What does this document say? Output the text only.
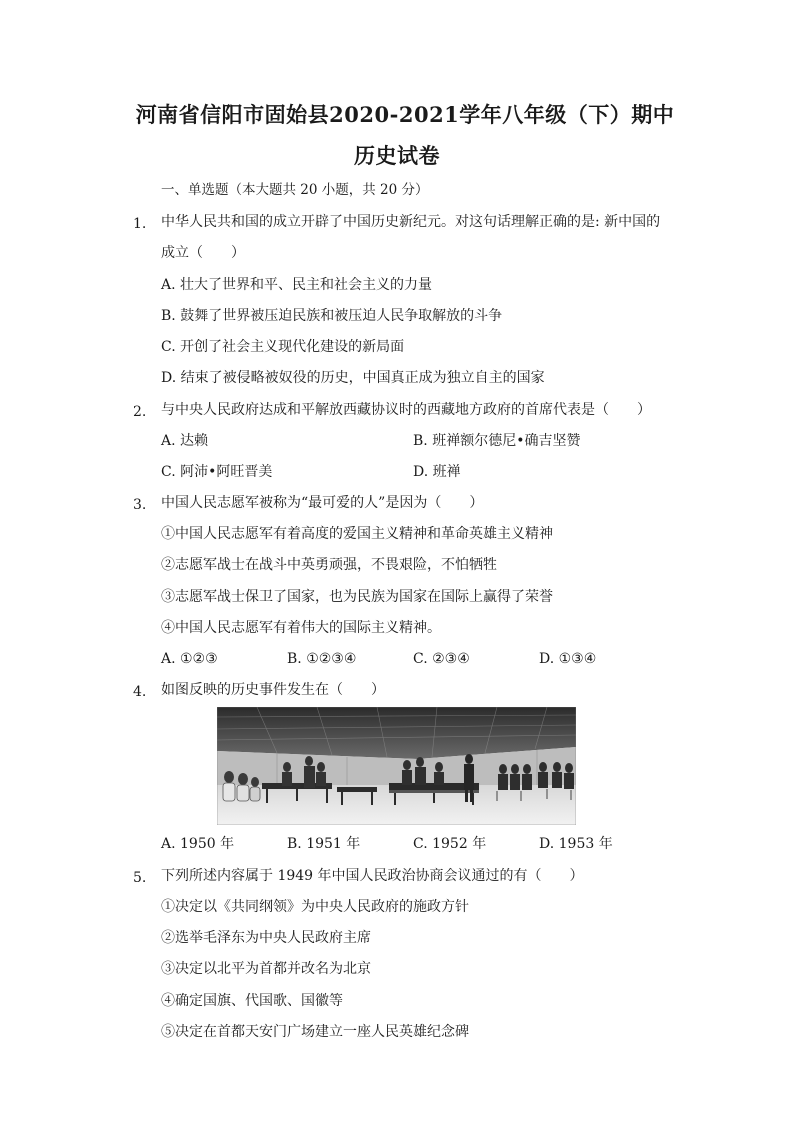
河南省信阳市固始县2020-2021学年八年级（下）期中
历史试卷
一、单选题（本大题共 20 小题，共 20 分）
1. 中华人民共和国的成立开辟了中国历史新纪元。对这句话理解正确的是: 新中国的
成立（　　）
A. 壮大了世界和平、民主和社会主义的力量
B. 鼓舞了世界被压迫民族和被压迫人民争取解放的斗争
C. 开创了社会主义现代化建设的新局面
D. 结束了被侵略被奴役的历史，中国真正成为独立自主的国家
2. 与中央人民政府达成和平解放西藏协议时的西藏地方政府的首席代表是（　　）
A. 达赖	B. 班禅额尔德尼•确吉坚赞
C. 阿沛•阿旺晋美	D. 班禅
3. 中国人民志愿军被称为“最可爱的人”是因为（　　）
①中国人民志愿军有着高度的爱国主义精神和革命英雄主义精神
②志愿军战士在战斗中英勇顽强，不畏艰险，不怕牺牲
③志愿军战士保卫了国家，也为民族为国家在国际上赢得了荣誉
④中国人民志愿军有着伟大的国际主义精神。
A. ①②③	B. ①②③④	C. ②③④	D. ①③④
4. 如图反映的历史事件发生在（　　）
A. 1950 年	B. 1951 年	C. 1952 年	D. 1953 年
5. 下列所述内容属于 1949 年中国人民政治协商会议通过的有（　　）
①决定以《共同纲领》为中央人民政府的施政方针
②选举毛泽东为中央人民政府主席
③决定以北平为首都并改名为北京
④确定国旗、代国歌、国徽等
⑤决定在首都天安门广场建立一座人民英雄纪念碑
